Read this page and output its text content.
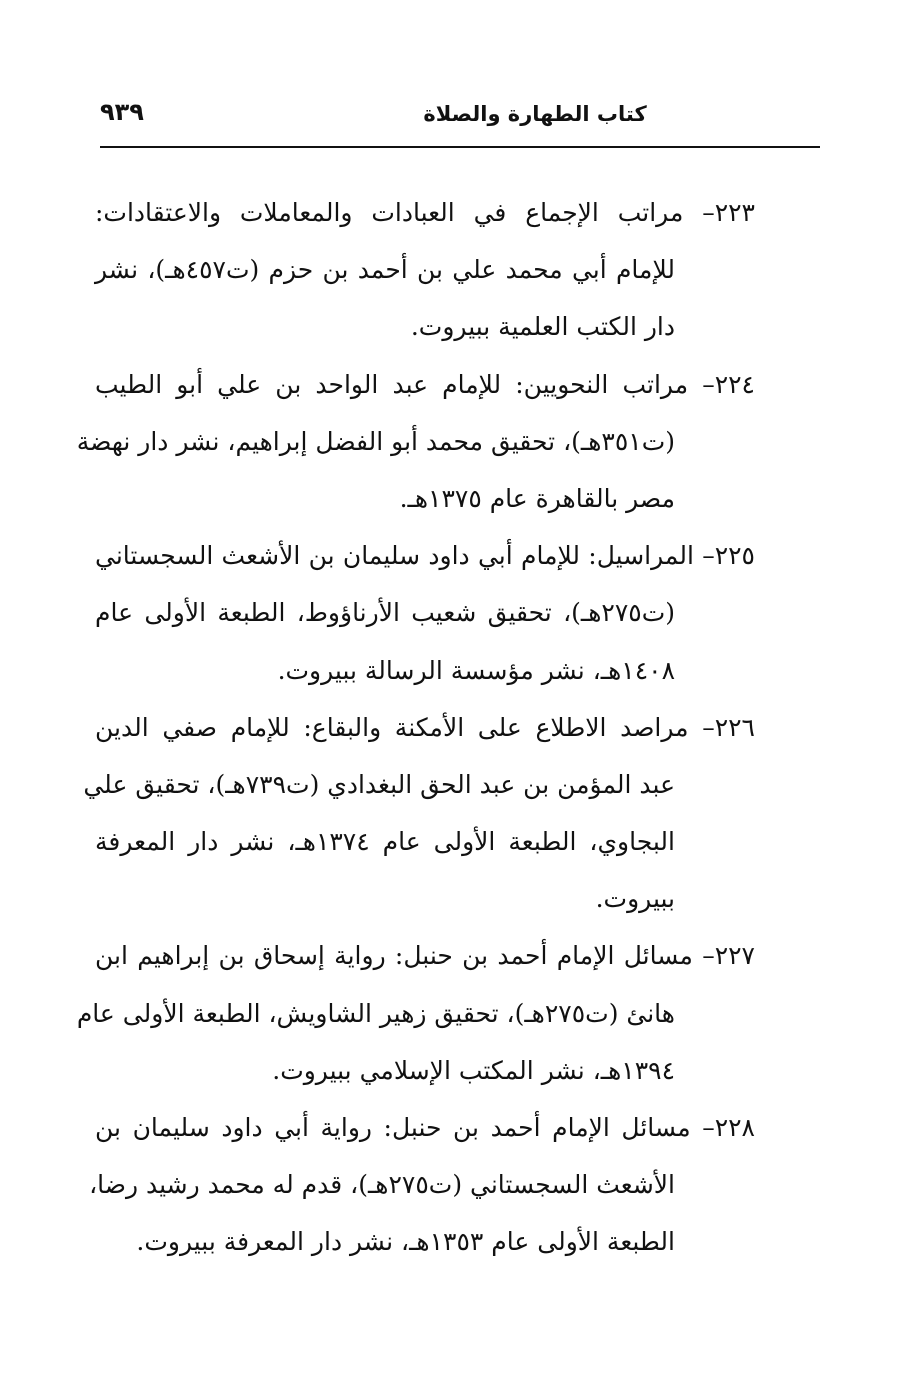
٩٣٩	كتاب الطهارة والصلاة
٢٢٣– مراتب الإجماع في العبادات والمعاملات والاعتقادات:
للإمام أبي محمد علي بن أحمد بن حزم (ت٤٥٧هـ)، نشر
دار الكتب العلمية ببيروت.
٢٢٤– مراتب النحويين: للإمام عبد الواحد بن علي أبو الطيب
(ت٣٥١هـ)، تحقيق محمد أبو الفضل إبراهيم، نشر دار نهضة
مصر بالقاهرة عام ١٣٧٥هـ.
٢٢٥– المراسيل: للإمام أبي داود سليمان بن الأشعث السجستاني
(ت٢٧٥هـ)، تحقيق شعيب الأرناؤوط، الطبعة الأولى عام
١٤٠٨هـ، نشر مؤسسة الرسالة ببيروت.
٢٢٦– مراصد الاطلاع على الأمكنة والبقاع: للإمام صفي الدين
عبد المؤمن بن عبد الحق البغدادي (ت٧٣٩هـ)، تحقيق علي
البجاوي، الطبعة الأولى عام ١٣٧٤هـ، نشر دار المعرفة
ببيروت.
٢٢٧– مسائل الإمام أحمد بن حنبل: رواية إسحاق بن إبراهيم ابن
هانئ (ت٢٧٥هـ)، تحقيق زهير الشاويش، الطبعة الأولى عام
١٣٩٤هـ، نشر المكتب الإسلامي ببيروت.
٢٢٨– مسائل الإمام أحمد بن حنبل: رواية أبي داود سليمان بن
الأشعث السجستاني (ت٢٧٥هـ)، قدم له محمد رشيد رضا،
الطبعة الأولى عام ١٣٥٣هـ، نشر دار المعرفة ببيروت.
